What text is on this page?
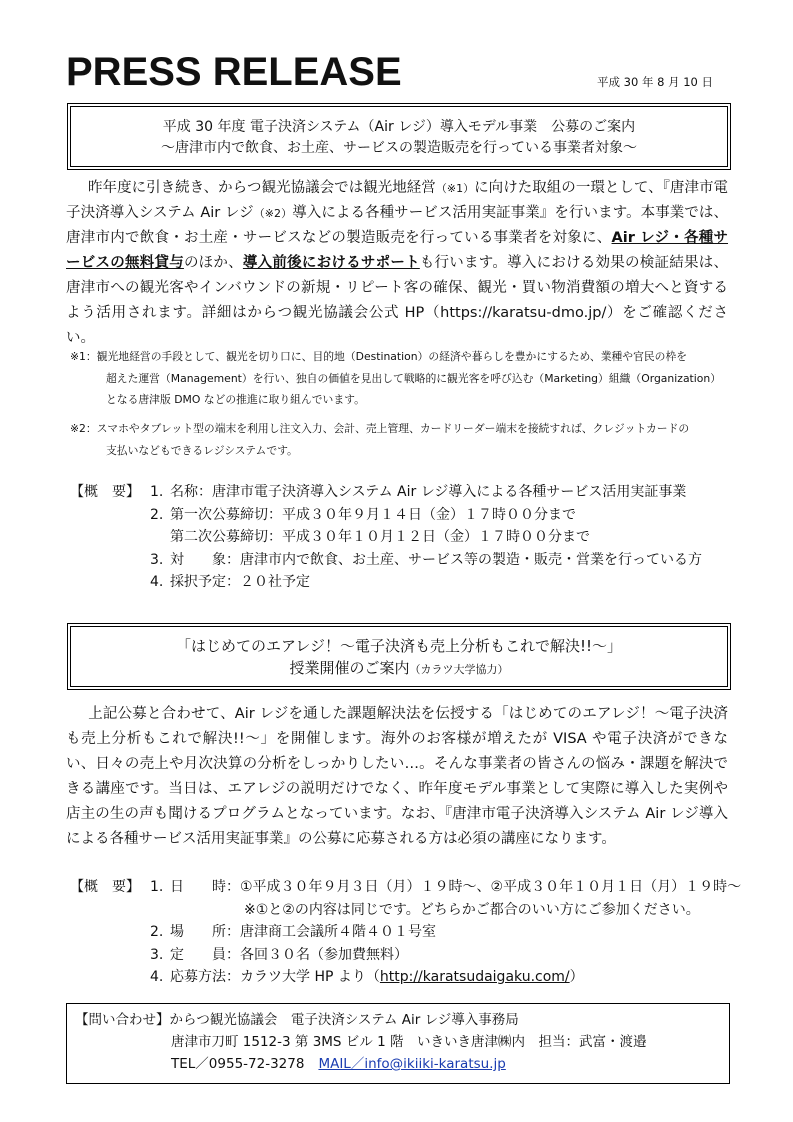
PRESS RELEASE	平成 30 年 8 月 10 日
平成 30 年度 電子決済システム（Air レジ）導入モデル事業　公募のご案内
〜唐津市内で飲食、お土産、サービスの製造販売を行っている事業者対象〜
昨年度に引き続き、からつ観光協議会では観光地経営（※1）に向けた取組の一環として、『唐津市電子決済導入システム Air レジ（※2）導入による各種サービス活用実証事業』を行います。本事業では、唐津市内で飲食・お土産・サービスなどの製造販売を行っている事業者を対象に、Air レジ・各種サービスの無料貸与のほか、導入前後におけるサポートも行います。導入における効果の検証結果は、唐津市への観光客やインバウンドの新規・リピート客の確保、観光・買い物消費額の増大へと資するよう活用されます。詳細はからつ観光協議会公式 HP（https://karatsu-dmo.jp/）をご確認ください。
※1：観光地経営の手段として、観光を切り口に、目的地（Destination）の経済や暮らしを豊かにするため、業種や官民の枠を
超えた運営（Management）を行い、独自の価値を見出して戦略的に観光客を呼び込む（Marketing）組織（Organization）
となる唐津版 DMO などの推進に取り組んでいます。
※2：スマホやタブレット型の端末を利用し注文入力、会計、売上管理、カードリーダー端末を接続すれば、クレジットカードの
支払いなどもできるレジシステムです。
【概　要】 1. 名称：唐津市電子決済導入システム Air レジ導入による各種サービス活用実証事業
2. 第一次公募締切：平成３０年９月１４日（金）１７時００分まで
第二次公募締切：平成３０年１０月１２日（金）１７時００分まで
3. 対　　象：唐津市内で飲食、お土産、サービス等の製造・販売・営業を行っている方
4. 採択予定：２０社予定
「はじめてのエアレジ！〜電子決済も売上分析もこれで解決!!〜」
授業開催のご案内（カラツ大学協力）
上記公募と合わせて、Air レジを通した課題解決法を伝授する「はじめてのエアレジ！〜電子決済も売上分析もこれで解決!!〜」を開催します。海外のお客様が増えたが VISA や電子決済ができない、日々の売上や月次決算の分析をしっかりしたい…。そんな事業者の皆さんの悩み・課題を解決できる講座です。当日は、エアレジの説明だけでなく、昨年度モデル事業として実際に導入した実例や店主の生の声も聞けるプログラムとなっています。なお、『唐津市電子決済導入システム Air レジ導入による各種サービス活用実証事業』の公募に応募される方は必須の講座になります。
【概　要】 1. 日　　時：①平成３０年９月３日（月）１９時〜、②平成３０年１０月１日（月）１９時〜
※①と②の内容は同じです。どちらかご都合のいい方にご参加ください。
2. 場　　所：唐津商工会議所４階４０１号室
3. 定　　員：各回３０名（参加費無料）
4. 応募方法：カラツ大学 HP より（http://karatsudaigaku.com/）
【問い合わせ】からつ観光協議会　電子決済システム Air レジ導入事務局
唐津市刀町 1512-3 第 3MS ビル 1 階　いきいき唐津㈱内　担当：武富・渡邉
TEL／0955-72-3278 MAIL／info@ikiiki-karatsu.jp
